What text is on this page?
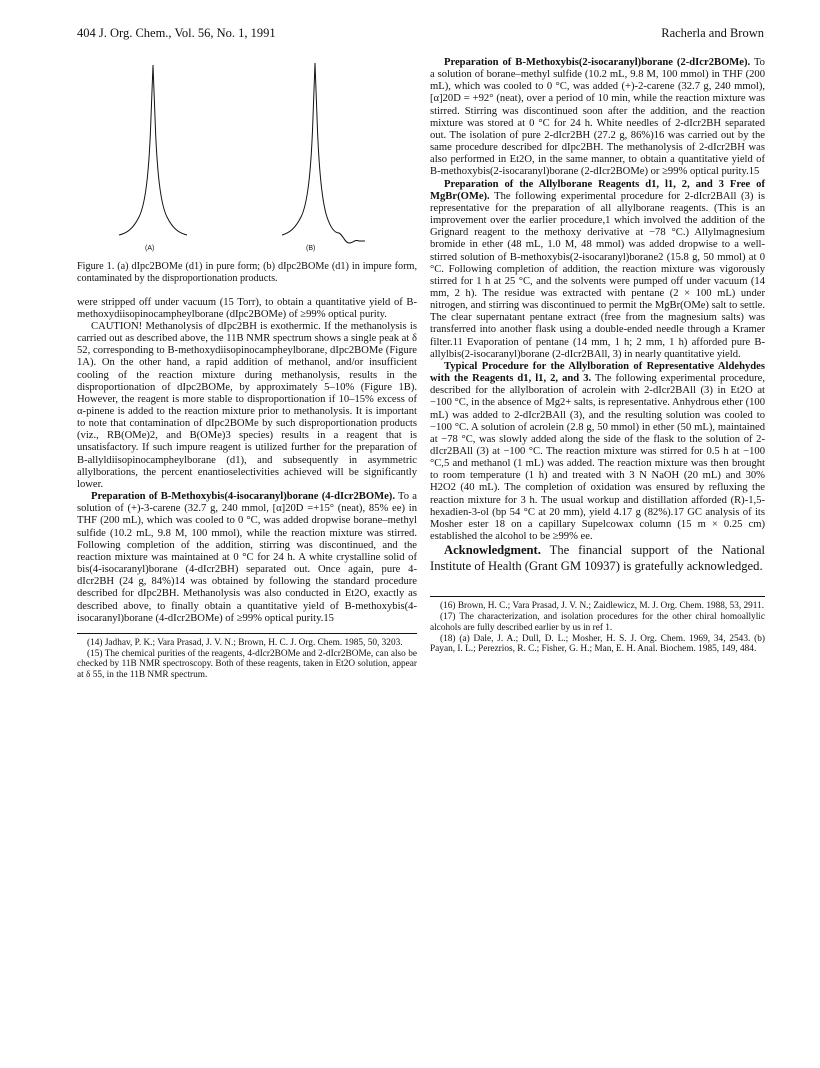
404 J. Org. Chem., Vol. 56, No. 1, 1991	Racherla and Brown
(A)	(B)
Figure 1. (a) dIpc2BOMe (d1) in pure form; (b) dIpc2BOMe (d1) in impure form, contaminated by the disproportionation products.

were stripped off under vacuum (15 Torr), to obtain a quantitative yield of B-methoxydiisopinocampheylborane (dIpc2BOMe) of ≥99% optical purity.

CAUTION! Methanolysis of dIpc2BH is exothermic. If the methanolysis is carried out as described above, the 11B NMR spectrum shows a single peak at δ 52, corresponding to B-methoxydiisopinocampheylborane, dIpc2BOMe (Figure 1A). On the other hand, a rapid addition of methanol, and/or insufficient cooling of the reaction mixture during methanolysis, results in the disproportionation of dIpc2BOMe, by approximately 5–10% (Figure 1B). However, the reagent is more stable to disproportionation if 10–15% excess of α-pinene is added to the reaction mixture prior to methanolysis. It is important to note that contamination of dIpc2BOMe by such disproportionation products (viz., RB(OMe)2, and B(OMe)3 species) results in a reagent that is unsatisfactory. If such impure reagent is utilized further for the preparation of B-allyldiisopinocampheylborane (d1), and subsequently in asymmetric allylborations, the percent enantioselectivities achieved will be significantly lower.

Preparation of B-Methoxybis(4-isocaranyl)borane (4-dIcr2BOMe). To a solution of (+)-3-carene (32.7 g, 240 mmol, [α]20D =+15° (neat), 85% ee) in THF (200 mL), which was cooled to 0 °C, was added dropwise borane–methyl sulfide (10.2 mL, 9.8 M, 100 mmol), while the reaction mixture was stirred. Following completion of the addition, stirring was discontinued, and the reaction mixture was maintained at 0 °C for 24 h. A white crystalline solid of bis(4-isocaranyl)borane (4-dIcr2BH) separated out. Once again, pure 4-dIcr2BH (24 g, 84%)14 was obtained by following the standard procedure described for dIpc2BH. Methanolysis was also conducted in Et2O, exactly as described above, to finally obtain a quantitative yield of B-methoxybis(4-isocaranyl)borane (4-dIcr2BOMe) of ≥99% optical purity.15

(14) Jadhav, P. K.; Vara Prasad, J. V. N.; Brown, H. C. J. Org. Chem. 1985, 50, 3203.

(15) The chemical purities of the reagents, 4-dIcr2BOMe and 2-dIcr2BOMe, can also be checked by 11B NMR spectroscopy. Both of these reagents, taken in Et2O solution, appear at δ 55, in the 11B NMR spectrum.

Preparation of B-Methoxybis(2-isocaranyl)borane (2-dIcr2BOMe). To a solution of borane–methyl sulfide (10.2 mL, 9.8 M, 100 mmol) in THF (200 mL), which was cooled to 0 °C, was added (+)-2-carene (32.7 g, 240 mmol), [α]20D = +92° (neat), over a period of 10 min, while the reaction mixture was stirred. Stirring was discontinued soon after the addition, and the reaction mixture was stored at 0 °C for 24 h. White needles of 2-dIcr2BH separated out. The isolation of pure 2-dIcr2BH (27.2 g, 86%)16 was carried out by the same procedure described for dIpc2BH. The methanolysis of 2-dIcr2BH was also performed in Et2O, in the same manner, to obtain a quantitative yield of B-methoxybis(2-isocaranyl)borane (2-dIcr2BOMe) or ≥99% optical purity.15

Preparation of the Allylborane Reagents d1, l1, 2, and 3 Free of MgBr(OMe). The following experimental procedure for 2-dIcr2BAll (3) is representative for the preparation of all allylborane reagents. (This is an improvement over the earlier procedure,1 which involved the addition of the Grignard reagent to the methoxy derivative at −78 °C.) Allylmagnesium bromide in ether (48 mL, 1.0 M, 48 mmol) was added dropwise to a well-stirred solution of B-methoxybis(2-isocaranyl)borane2 (15.8 g, 50 mmol) at 0 °C. Following completion of addition, the reaction mixture was vigorously stirred for 1 h at 25 °C, and the solvents were pumped off under vacuum (14 mm, 2 h). The residue was extracted with pentane (2 × 100 mL) under nitrogen, and stirring was discontinued to permit the MgBr(OMe) salt to settle. The clear supernatant pentane extract (free from the magnesium salts) was transferred into another flask using a double-ended needle through a Kramer filter.11 Evaporation of pentane (14 mm, 1 h; 2 mm, 1 h) afforded pure B-allylbis(2-isocaranyl)borane (2-dIcr2BAll, 3) in nearly quantitative yield.

Typical Procedure for the Allylboration of Representative Aldehydes with the Reagents d1, l1, 2, and 3. The following experimental procedure, described for the allylboration of acrolein with 2-dIcr2BAll (3) in Et2O at −100 °C, in the absence of Mg2+ salts, is representative. Anhydrous ether (100 mL) was added to 2-dIcr2BAll (3), and the resulting solution was cooled to −100 °C. A solution of acrolein (2.8 g, 50 mmol) in ether (50 mL), maintained at −78 °C, was slowly added along the side of the flask to the solution of 2-dIcr2BAll (3) at −100 °C. The reaction mixture was stirred for 0.5 h at −100 °C,5 and methanol (1 mL) was added. The reaction mixture was then brought to room temperature (1 h) and treated with 3 N NaOH (20 mL) and 30% H2O2 (40 mL). The completion of oxidation was ensured by refluxing the reaction mixture for 3 h. The usual workup and distillation afforded (R)-1,5-hexadien-3-ol (bp 54 °C at 20 mm), yield 4.17 g (82%).17 GC analysis of its Mosher ester 18 on a capillary Supelcowax column (15 m × 0.25 cm) established the alcohol to be ≥99% ee.

Acknowledgment. The financial support of the National Institute of Health (Grant GM 10937) is gratefully acknowledged.

(16) Brown, H. C.; Vara Prasad, J. V. N.; Zaidlewicz, M. J. Org. Chem. 1988, 53, 2911.

(17) The characterization, and isolation procedures for the other chiral homoallylic alcohols are fully described earlier by us in ref 1.

(18) (a) Dale, J. A.; Dull, D. L.; Mosher, H. S. J. Org. Chem. 1969, 34, 2543. (b) Payan, I. L.; Perezrios, R. C.; Fisher, G. H.; Man, E. H. Anal. Biochem. 1985, 149, 484.
